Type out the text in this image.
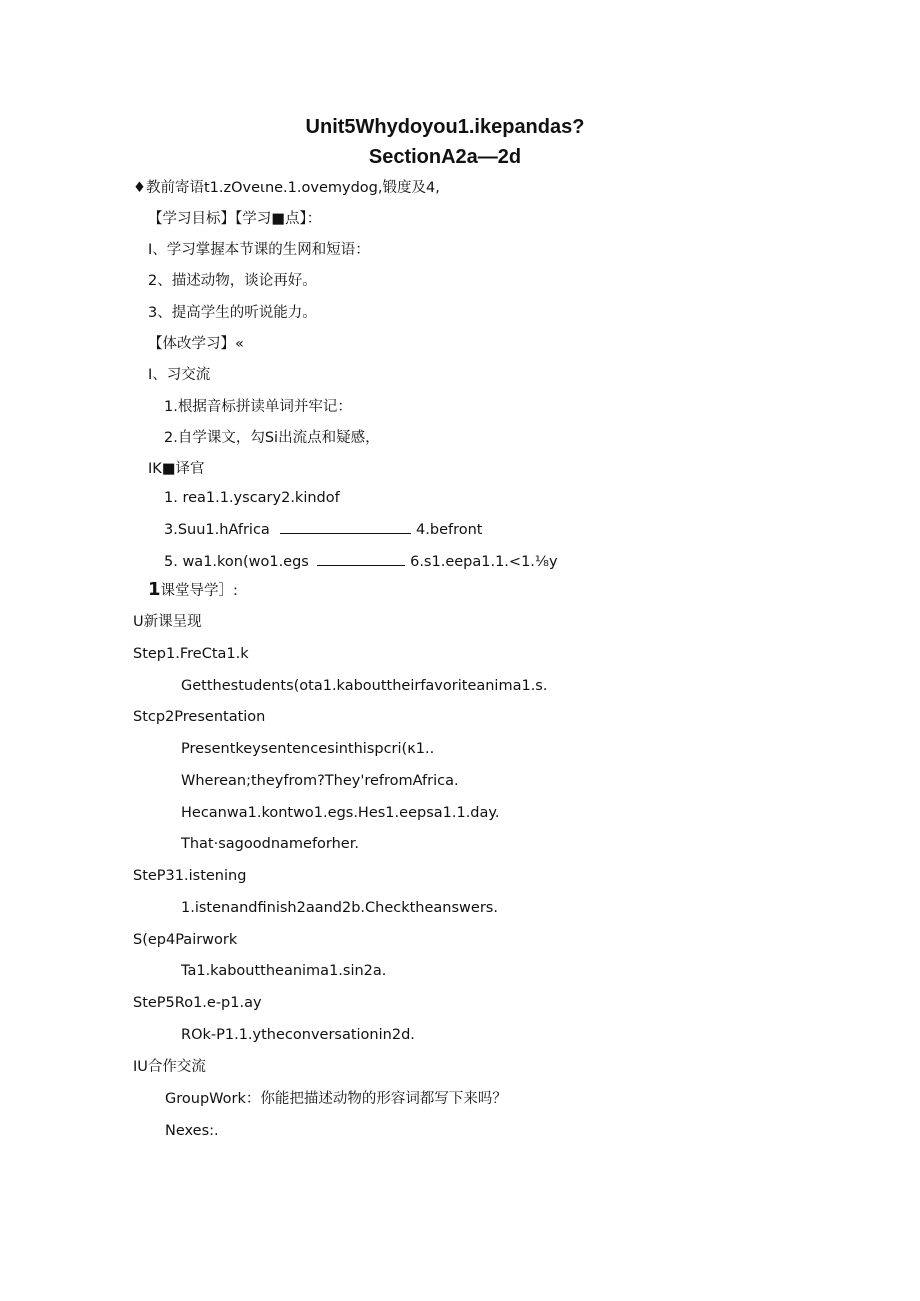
Unit5Whydoyou1.ikepandas?
SectionA2a—2d
♦教前寄语t1.zOveιne.1.ovemydog,锻度及4,
【学习目标】【学习■点】：
I、学习掌握本节课的生网和短语：
2、描述动物，谈论再好。
3、提高学生的听说能力。
【体改学习】«
I、习交流
1.根据音标拼读单词并牢记：
2.自学课文，勾Si出流点和疑感，
IK■译官
1. rea1.1.yscary2.kindof
3.Suu1.hAfrica	4.befront
5. wa1.kon(wo1.egs	6.s1.eepa1.1.<1.⅛y
1课堂导学］:
U新课呈现
Step1.FreCta1.k
Getthestudents(ota1.kabouttheirfavoriteanima1.s.
Stcp2Presentation
Presentkeysentencesinthispcri(κ1..
Wherean;theyfrom?They'refromAfrica.
Hecanwa1.kontwo1.egs.Hes1.eepsa1.1.day.
That·sagoodnameforher.
SteP31.istening
1.istenandfinish2aand2b.Checktheanswers.
S(ep4Pairwork
Ta1.kabouttheanima1.sin2a.
SteP5Ro1.e-p1.ay
ROk-P1.1.ytheconversationin2d.
IU合作交流
GroupWork：你能把描述动物的形容词都写下来吗？
Nexes:.
